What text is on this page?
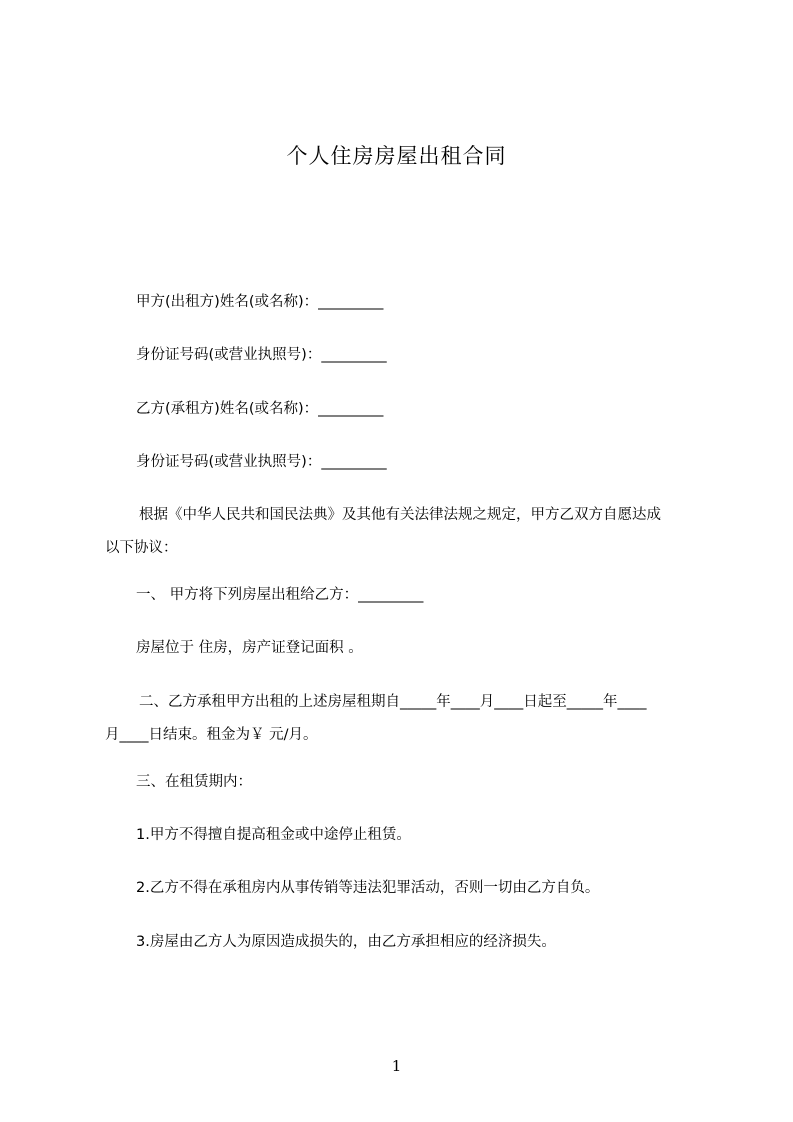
个人住房房屋出租合同
甲方(出租方)姓名(或名称)：_________
身份证号码(或营业执照号)：_________
乙方(承租方)姓名(或名称)：_________
身份证号码(或营业执照号)：_________
根据《中华人民共和国民法典》及其他有关法律法规之规定，甲方乙双方自愿达成
以下协议：
一、 甲方将下列房屋出租给乙方：_________
房屋位于 住房，房产证登记面积 。
二、乙方承租甲方出租的上述房屋租期自_____年____月____日起至_____年____
月____日结束。租金为￥ 元/月。
三、在租赁期内：
1.甲方不得擅自提高租金或中途停止租赁。
2.乙方不得在承租房内从事传销等违法犯罪活动，否则一切由乙方自负。
3.房屋由乙方人为原因造成损失的，由乙方承担相应的经济损失。
1
